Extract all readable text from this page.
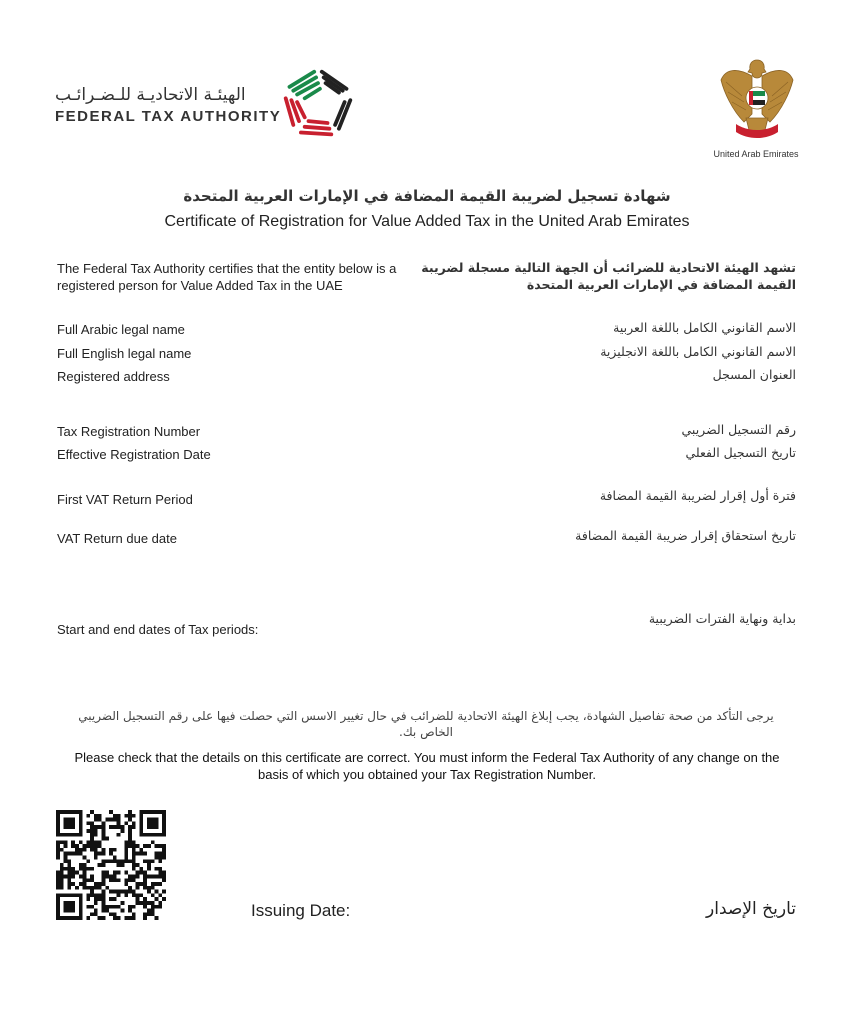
الهيئـة الاتحاديـة للـضـرائـب
FEDERAL TAX AUTHORITY
United Arab Emirates
شهادة تسجيل لضريبة القيمة المضافة في الإمارات العربية المتحدة
Certificate of Registration for Value Added Tax in the United Arab Emirates
The Federal Tax Authority certifies that the entity below is a registered person for Value Added Tax in the UAE
تشهد الهيئة الاتحادية للضرائب أن الجهة التالية مسجلة لضريبة القيمة المضافة في الإمارات العربية المتحدة
Full Arabic legal name	الاسم القانوني الكامل باللغة العربية
Full English legal name	الاسم القانوني الكامل باللغة الانجليزية
Registered address	العنوان المسجل
Tax Registration Number	رقم التسجيل الضريبي
Effective Registration Date	تاريخ التسجيل الفعلي
First VAT Return Period	فترة أول إقرار لضريبة القيمة المضافة
VAT Return due date	تاريخ استحقاق إقرار ضريبة القيمة المضافة
Start and end dates of Tax periods:
بداية ونهاية الفترات الضريبية
يرجى التأكد من صحة تفاصيل الشهادة، يجب إبلاغ الهيئة الاتحادية للضرائب في حال تغيير الاسس التي حصلت فيها على رقم التسجيل الضريبي الخاص بك.
Please check that the details on this certificate are correct. You must inform the Federal Tax Authority of any change on the basis of which you obtained your Tax Registration Number.
Issuing Date:	تاريخ الإصدار
